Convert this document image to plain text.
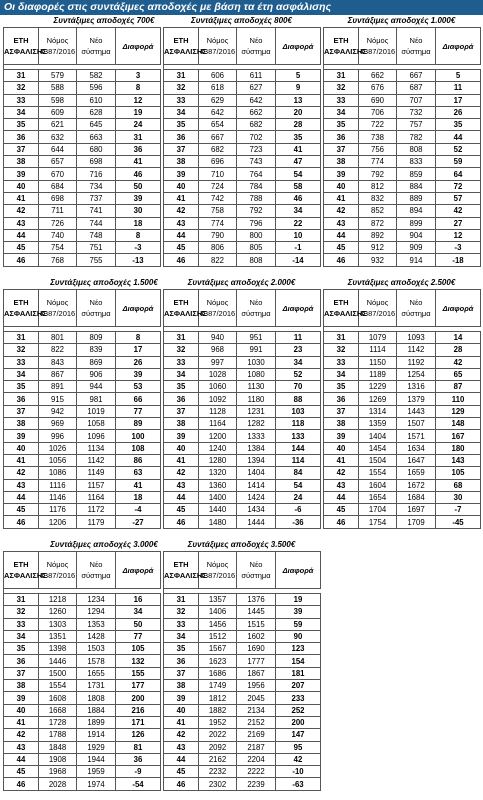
Οι διαφορές στις συντάξιμες αποδοχές με βάση τα έτη ασφάλισης
Συντάξιμες αποδοχές 700€
ΕΤΗ ΑΣΦΑΛΙΣΗΣ	Νόμος 4387/2016	Νέο σύστημα	Διαφορά

31	579	582	3
32	588	596	8
33	598	610	12
34	609	628	19
35	621	645	24
36	632	663	31
37	644	680	36
38	657	698	41
39	670	716	46
40	684	734	50
41	698	737	39
42	711	741	30
43	726	744	18
44	740	748	8
45	754	751	-3
46	768	755	-13
Συντάξιμες αποδοχές 800€
ΕΤΗ ΑΣΦΑΛΙΣΗΣ	Νόμος 4387/2016	Νέο σύστημα	Διαφορά

31	606	611	5
32	618	627	9
33	629	642	13
34	642	662	20
35	654	682	28
36	667	702	35
37	682	723	41
38	696	743	47
39	710	764	54
40	724	784	58
41	742	788	46
42	758	792	34
43	774	796	22
44	790	800	10
45	806	805	-1
46	822	808	-14
Συντάξιμες αποδοχές 1.000€
ΕΤΗ ΑΣΦΑΛΙΣΗΣ	Νόμος 4387/2016	Νέο σύστημα	Διαφορά

31	662	667	5
32	676	687	11
33	690	707	17
34	706	732	26
35	722	757	35
36	738	782	44
37	756	808	52
38	774	833	59
39	792	859	64
40	812	884	72
41	832	889	57
42	852	894	42
43	872	899	27
44	892	904	12
45	912	909	-3
46	932	914	-18
Συντάξιμες αποδοχές 1.500€
ΕΤΗ ΑΣΦΑΛΙΣΗΣ	Νόμος 4387/2016	Νέο σύστημα	Διαφορά

31	801	809	8
32	822	839	17
33	843	869	26
34	867	906	39
35	891	944	53
36	915	981	66
37	942	1019	77
38	969	1058	89
39	996	1096	100
40	1026	1134	108
41	1056	1142	86
42	1086	1149	63
43	1116	1157	41
44	1146	1164	18
45	1176	1172	-4
46	1206	1179	-27
Συντάξιμες αποδοχές 2.000€
ΕΤΗ ΑΣΦΑΛΙΣΗΣ	Νόμος 4387/2016	Νέο σύστημα	Διαφορά

31	940	951	11
32	968	991	23
33	997	1030	34
34	1028	1080	52
35	1060	1130	70
36	1092	1180	88
37	1128	1231	103
38	1164	1282	118
39	1200	1333	133
40	1240	1384	144
41	1280	1394	114
42	1320	1404	84
43	1360	1414	54
44	1400	1424	24
45	1440	1434	-6
46	1480	1444	-36
Συντάξιμες αποδοχές 2.500€
ΕΤΗ ΑΣΦΑΛΙΣΗΣ	Νόμος 4387/2016	Νέο σύστημα	Διαφορά

31	1079	1093	14
32	1114	1142	28
33	1150	1192	42
34	1189	1254	65
35	1229	1316	87
36	1269	1379	110
37	1314	1443	129
38	1359	1507	148
39	1404	1571	167
40	1454	1634	180
41	1504	1647	143
42	1554	1659	105
43	1604	1672	68
44	1654	1684	30
45	1704	1697	-7
46	1754	1709	-45
Συντάξιμες αποδοχές 3.000€
ΕΤΗ ΑΣΦΑΛΙΣΗΣ	Νόμος 4387/2016	Νέο σύστημα	Διαφορά

31	1218	1234	16
32	1260	1294	34
33	1303	1353	50
34	1351	1428	77
35	1398	1503	105
36	1446	1578	132
37	1500	1655	155
38	1554	1731	177
39	1608	1808	200
40	1668	1884	216
41	1728	1899	171
42	1788	1914	126
43	1848	1929	81
44	1908	1944	36
45	1968	1959	-9
46	2028	1974	-54
Συντάξιμες αποδοχές 3.500€
ΕΤΗ ΑΣΦΑΛΙΣΗΣ	Νόμος 4387/2016	Νέο σύστημα	Διαφορά

31	1357	1376	19
32	1406	1445	39
33	1456	1515	59
34	1512	1602	90
35	1567	1690	123
36	1623	1777	154
37	1686	1867	181
38	1749	1956	207
39	1812	2045	233
40	1882	2134	252
41	1952	2152	200
42	2022	2169	147
43	2092	2187	95
44	2162	2204	42
45	2232	2222	-10
46	2302	2239	-63
